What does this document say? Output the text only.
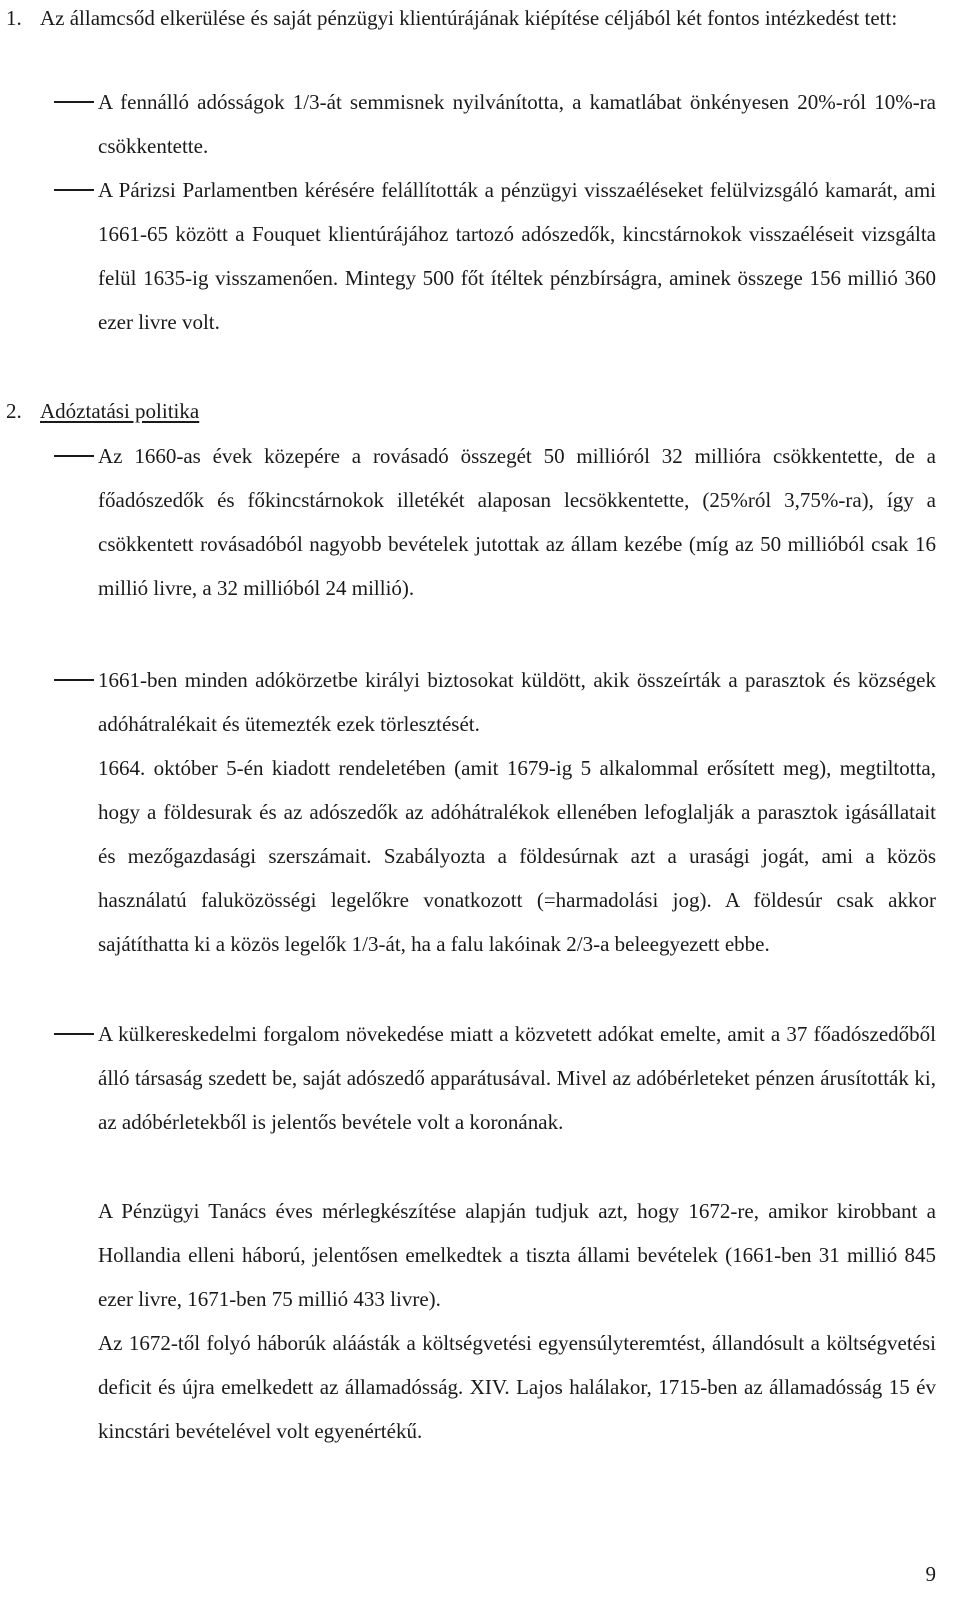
1. Az államcsőd elkerülése és saját pénzügyi klientúrájának kiépítése céljából két fontos intézkedést tett:

A fennálló adósságok 1/3-át semmisnek nyilvánította, a kamatlábat önkényesen 20%-ról 10%-ra csökkentette.

A Párizsi Parlamentben kérésére felállították a pénzügyi visszaéléseket felülvizsgáló kamarát, ami 1661-65 között a Fouquet klientúrájához tartozó adószedők, kincstárnokok visszaéléseit vizsgálta felül 1635-ig visszamenően. Mintegy 500 főt ítéltek pénzbírságra, aminek összege 156 millió 360 ezer livre volt.

2. Adóztatási politika

Az 1660-as évek közepére a rovásadó összegét 50 millióról 32 millióra csökkentette, de a főadószedők és főkincstárnokok illetékét alaposan lecsökkentette, (25%ról 3,75%-ra), így a csökkentett rovásadóból nagyobb bevételek jutottak az állam kezébe (míg az 50 millióból csak 16 millió livre, a 32 millióból 24 millió).

1661-ben minden adókörzetbe királyi biztosokat küldött, akik összeírták a parasztok és községek adóhátralékait és ütemezték ezek törlesztését.

1664. október 5-én kiadott rendeletében (amit 1679-ig 5 alkalommal erősített meg), megtiltotta, hogy a földesurak és az adószedők az adóhátralékok ellenében lefoglalják a parasztok igásállatait és mezőgazdasági szerszámait. Szabályozta a földesúrnak azt a urasági jogát, ami a közös használatú faluközösségi legelőkre vonatkozott (=harmadolási jog). A földesúr csak akkor sajátíthatta ki a közös legelők 1/3-át, ha a falu lakóinak 2/3-a beleegyezett ebbe.

A külkereskedelmi forgalom növekedése miatt a közvetett adókat emelte, amit a 37 főadószedőből álló társaság szedett be, saját adószedő apparátusával. Mivel az adóbérleteket pénzen árusították ki, az adóbérletekből is jelentős bevétele volt a koronának.

A Pénzügyi Tanács éves mérlegkészítése alapján tudjuk azt, hogy 1672-re, amikor kirobbant a Hollandia elleni háború, jelentősen emelkedtek a tiszta állami bevételek (1661-ben 31 millió 845 ezer livre, 1671-ben 75 millió 433 livre).

Az 1672-től folyó háborúk aláásták a költségvetési egyensúlyteremtést, állandósult a költségvetési deficit és újra emelkedett az államadósság. XIV. Lajos halálakor, 1715-ben az államadósság 15 év kincstári bevételével volt egyenértékű.

9
